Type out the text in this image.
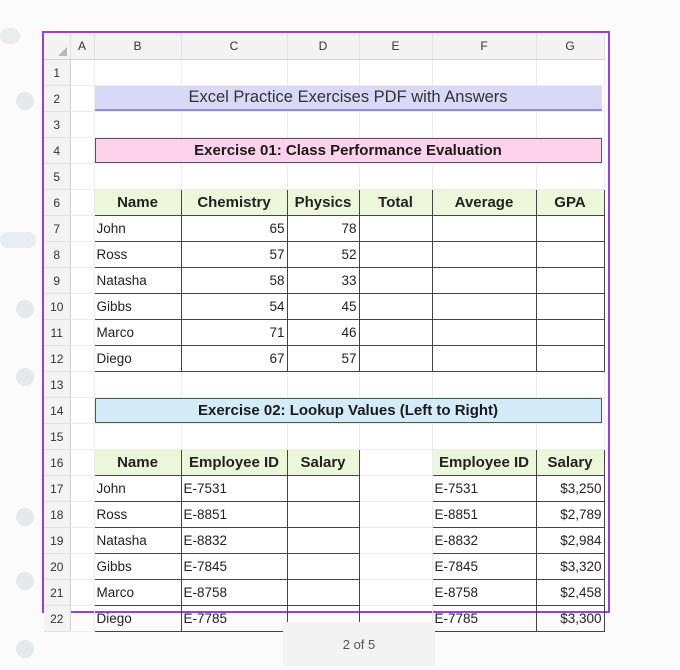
	A	B	C	D	E	F	G
1							
2		Excel Practice Exercises PDF with Answers					

3							
4		Exercise 01: Class Performance Evaluation					

5							
6		Name	Chemistry	Physics	Total	Average	GPA
7		John	65	78			
8		Ross	57	52			
9		Natasha	58	33			
10		Gibbs	54	45			
11		Marco	71	46			
12		Diego	67	57			
13							
14		Exercise 02: Lookup Values (Left to Right)					

15							
16		Name	Employee ID	Salary		Employee ID	Salary
17		John	E-7531			E-7531	$3,250
18		Ross	E-8851			E-8851	$2,789
19		Natasha	E-8832			E-8832	$2,984
20		Gibbs	E-7845			E-7845	$3,320
21		Marco	E-8758			E-8758	$2,458
22		Diego	E-7785			E-7785	$3,300
2 of 5
